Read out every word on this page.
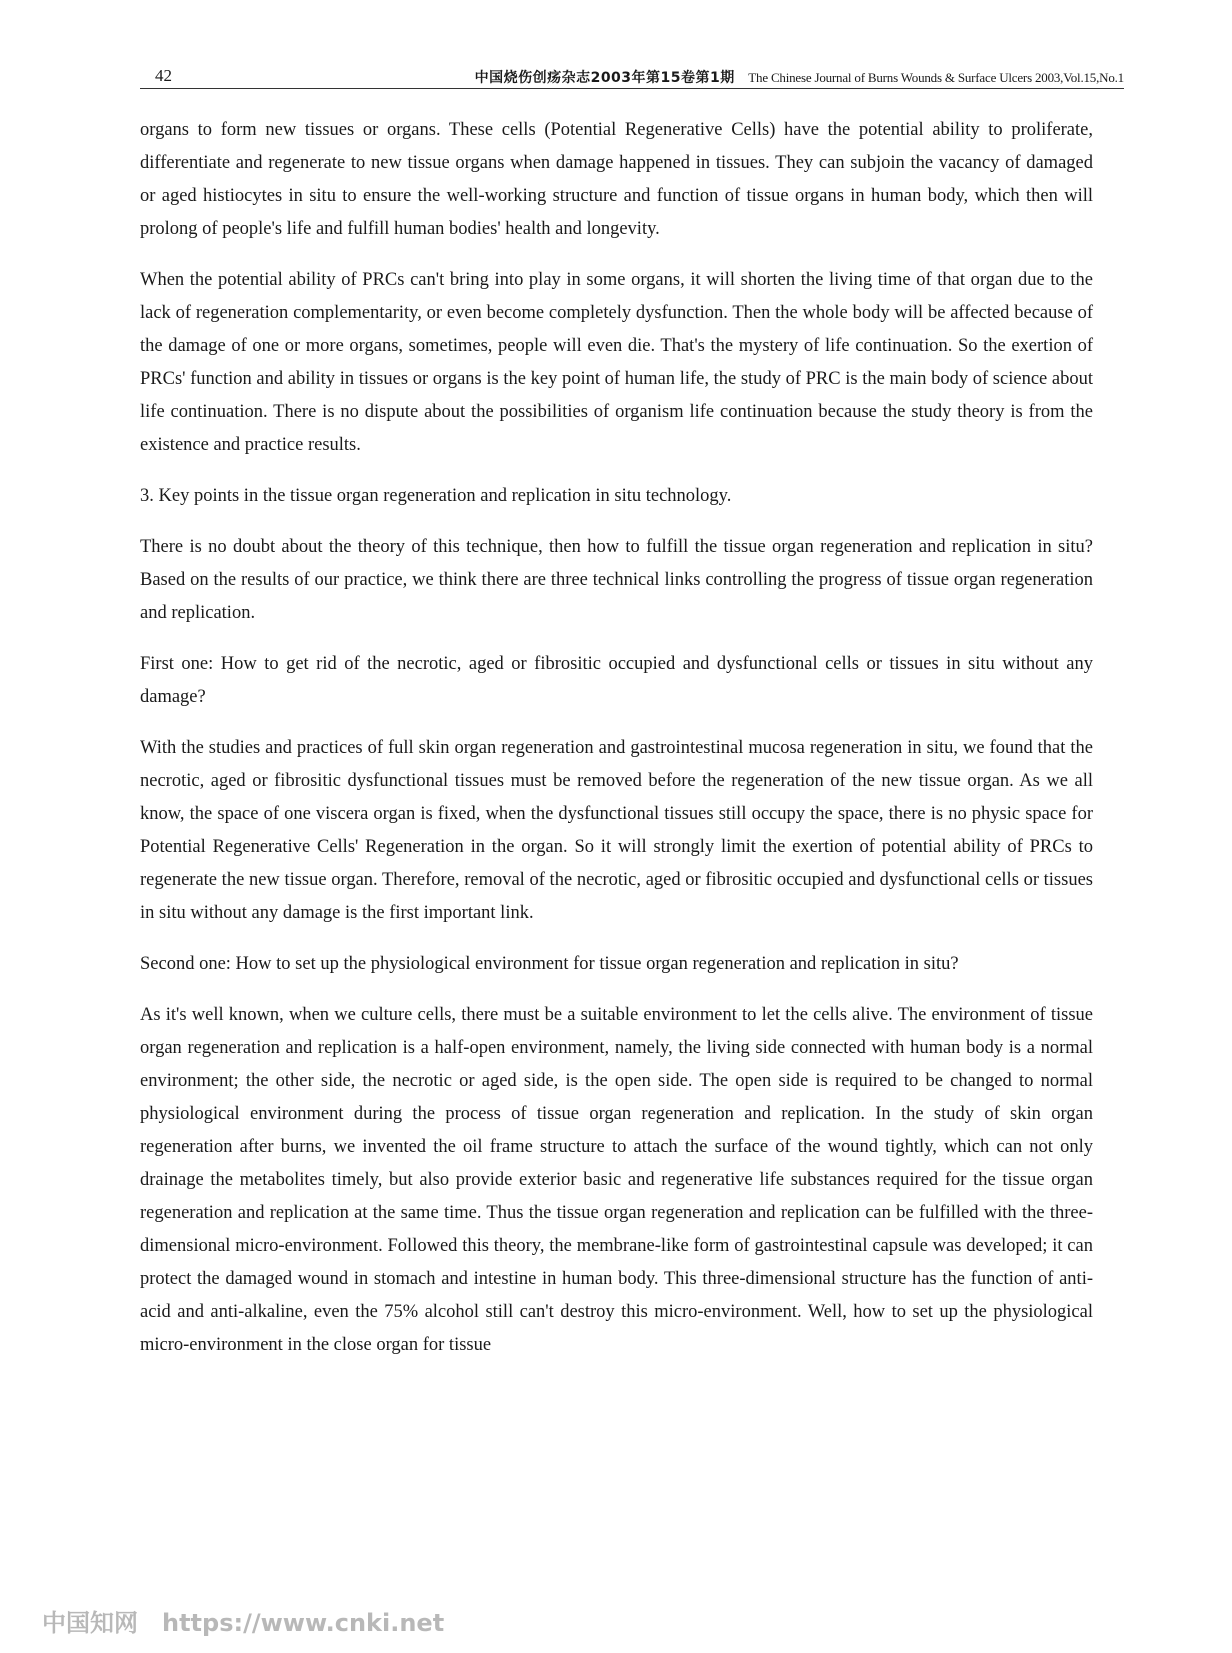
42	中国烧伤创疡杂志2003年第15卷第1期 The Chinese Journal of Burns Wounds & Surface Ulcers 2003,Vol.15,No.1

organs to form new tissues or organs. These cells (Potential Regenerative Cells) have the potential ability to proliferate, differentiate and regenerate to new tissue organs when damage happened in tissues. They can subjoin the vacancy of damaged or aged histiocytes in situ to ensure the well-working structure and function of tissue organs in human body, which then will prolong of people's life and fulfill human bodies' health and longevity.

When the potential ability of PRCs can't bring into play in some organs, it will shorten the living time of that organ due to the lack of regeneration complementarity, or even become completely dysfunction. Then the whole body will be affected because of the damage of one or more organs, sometimes, people will even die. That's the mystery of life continuation. So the exertion of PRCs' function and ability in tissues or organs is the key point of human life, the study of PRC is the main body of science about life continuation. There is no dispute about the possibilities of organism life continuation because the study theory is from the existence and practice results.

3. Key points in the tissue organ regeneration and replication in situ technology.

There is no doubt about the theory of this technique, then how to fulfill the tissue organ regeneration and replication in situ? Based on the results of our practice, we think there are three technical links controlling the progress of tissue organ regeneration and replication.

First one: How to get rid of the necrotic, aged or fibrositic occupied and dysfunctional cells or tissues in situ without any damage?

With the studies and practices of full skin organ regeneration and gastrointestinal mucosa regeneration in situ, we found that the necrotic, aged or fibrositic dysfunctional tissues must be removed before the regeneration of the new tissue organ. As we all know, the space of one viscera organ is fixed, when the dysfunctional tissues still occupy the space, there is no physic space for Potential Regenerative Cells' Regeneration in the organ. So it will strongly limit the exertion of potential ability of PRCs to regenerate the new tissue organ. Therefore, removal of the necrotic, aged or fibrositic occupied and dysfunctional cells or tissues in situ without any damage is the first important link.

Second one: How to set up the physiological environment for tissue organ regeneration and replication in situ?

As it's well known, when we culture cells, there must be a suitable environment to let the cells alive. The environment of tissue organ regeneration and replication is a half-open environment, namely, the living side connected with human body is a normal environment; the other side, the necrotic or aged side, is the open side. The open side is required to be changed to normal physiological environment during the process of tissue organ regeneration and replication. In the study of skin organ regeneration after burns, we invented the oil frame structure to attach the surface of the wound tightly, which can not only drainage the metabolites timely, but also provide exterior basic and regenerative life substances required for the tissue organ regeneration and replication at the same time. Thus the tissue organ regeneration and replication can be fulfilled with the three-dimensional micro-environment. Followed this theory, the membrane-like form of gastrointestinal capsule was developed; it can protect the damaged wound in stomach and intestine in human body. This three-dimensional structure has the function of anti-acid and anti-alkaline, even the 75% alcohol still can't destroy this micro-environment. Well, how to set up the physiological micro-environment in the close organ for tissue

中国知网 https://www.cnki.net
